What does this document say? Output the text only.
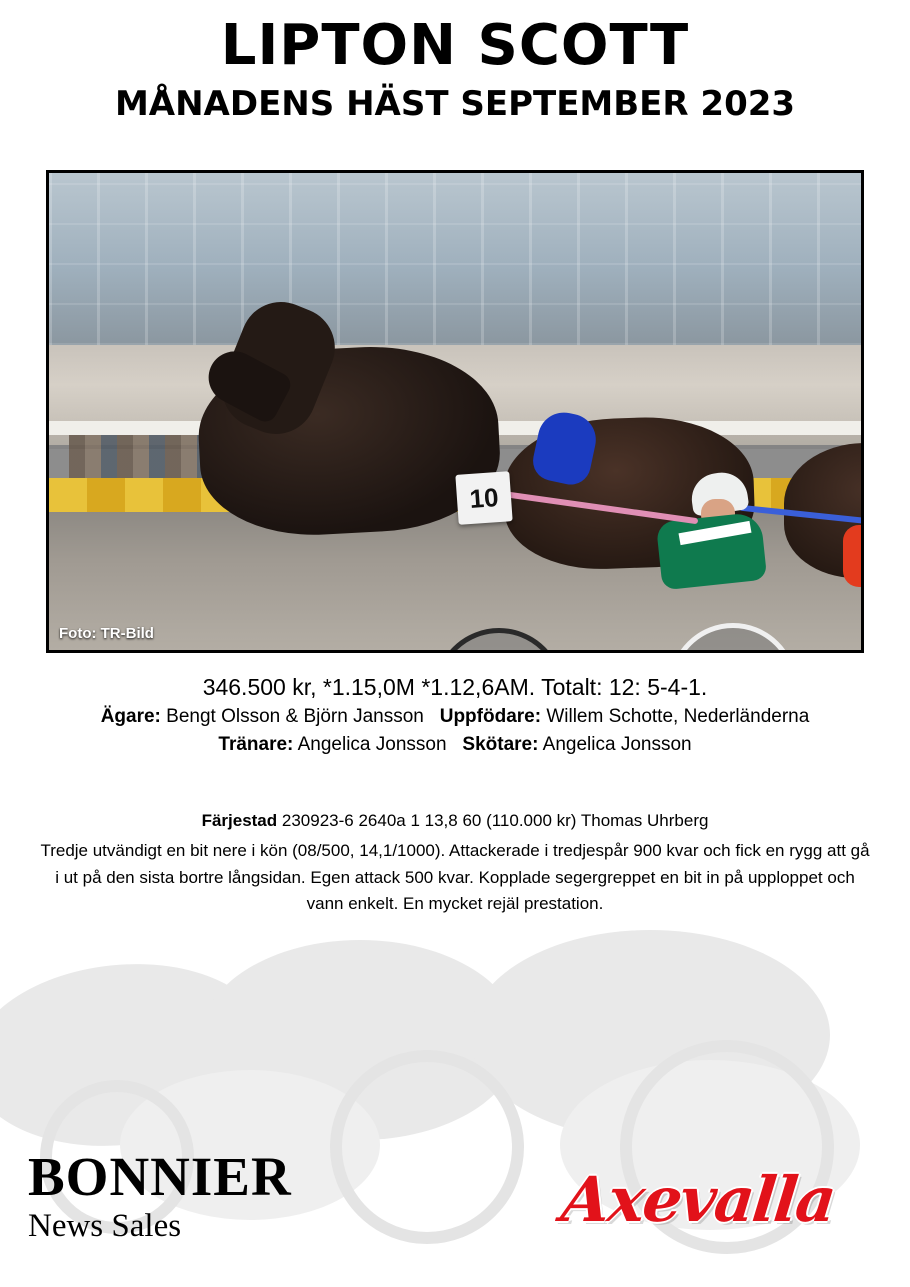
LIPTON SCOTT
MÅNADENS HÄST SEPTEMBER 2023
M
10
Foto: TR-Bild
346.500 kr, *1.15,0M *1.12,6AM. Totalt: 12: 5-4-1.
Ägare: Bengt Olsson & Björn Jansson Uppfödare: Willem Schotte, Nederländerna
Tränare: Angelica Jonsson Skötare: Angelica Jonsson
Färjestad 230923-6 2640a 1 13,8 60 (110.000 kr) Thomas Uhrberg
Tredje utvändigt en bit nere i kön (08/500, 14,1/1000). Attackerade i tredjespår 900 kvar och fick en rygg att gå i ut på den sista bortre långsidan. Egen attack 500 kvar. Kopplade segergreppet en bit in på upploppet och vann enkelt. En mycket rejäl prestation.
BONNIER
News Sales	Axevalla
